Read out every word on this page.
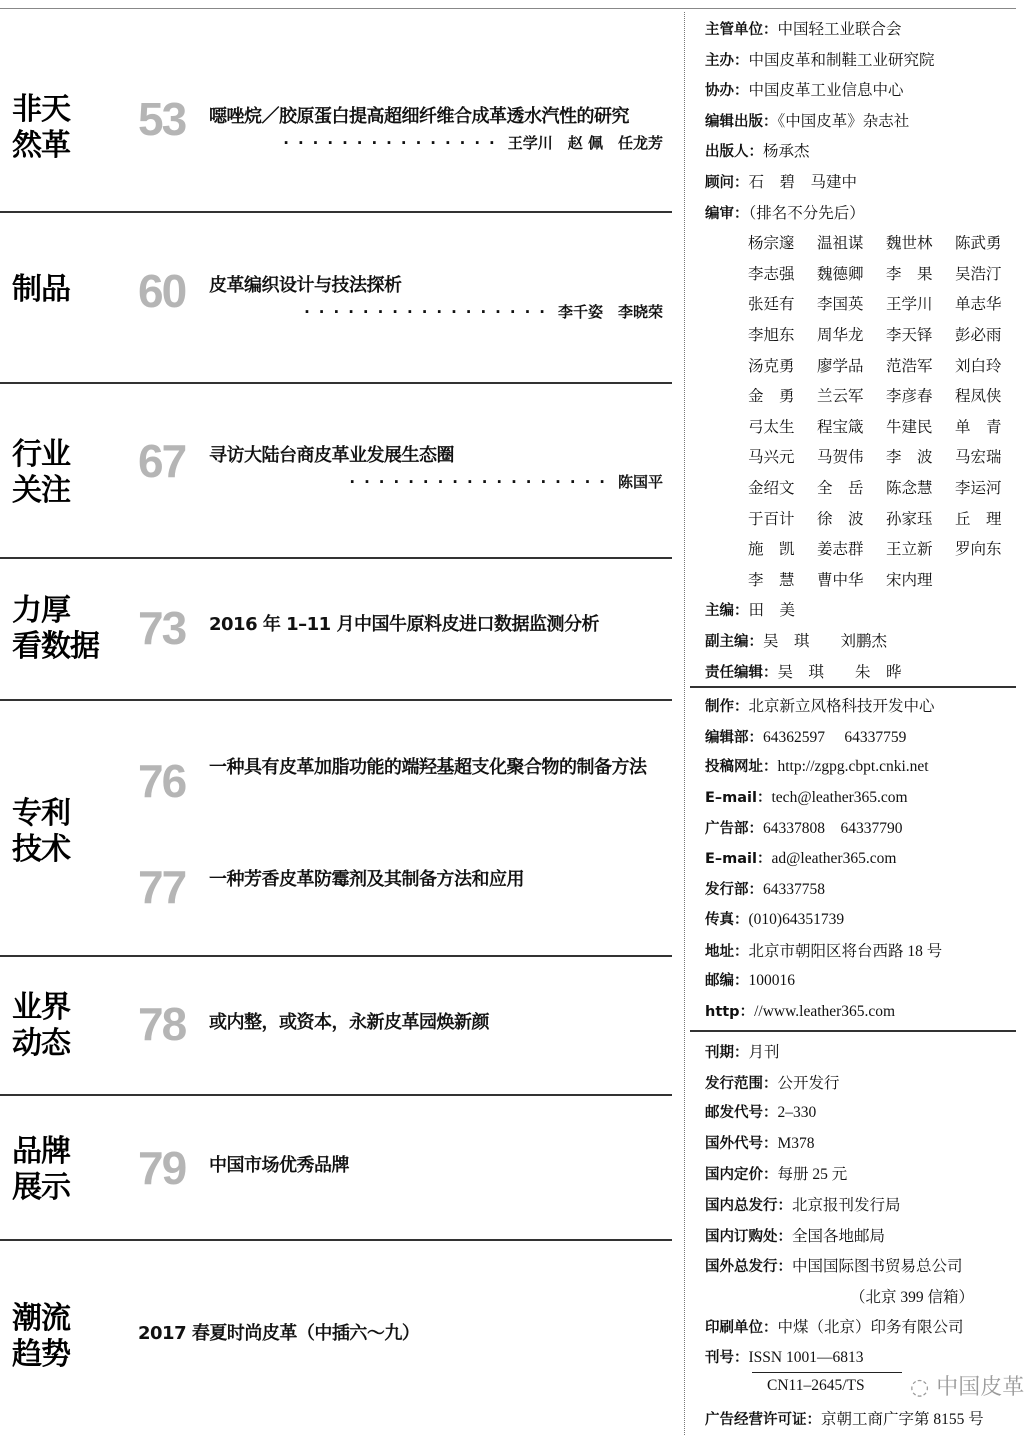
非天
然革
53 噁唑烷／胶原蛋白提高超细纤维合成革透水汽性的研究
··············· 王学川　赵 佩　任龙芳
制品 60 皮革编织设计与技法探析
················· 李千姿　李晓荣
行业
关注
67 寻访大陆台商皮革业发展生态圈
·················· 陈国平
力厚
看数据 73 2016 年 1–11 月中国牛原料皮进口数据监测分析
专利
技术
76 一种具有皮革加脂功能的端羟基超支化聚合物的制备方法
77 一种芳香皮革防霉剂及其制备方法和应用
业界
动态 78 或内整，或资本，永新皮革园焕新颜
品牌
展示 79 中国市场优秀品牌
潮流
趋势
2017 春夏时尚皮革（中插六～九）
主管单位：中国轻工业联合会
主办：中国皮革和制鞋工业研究院
协办：中国皮革工业信息中心
编辑出版：《中国皮革》杂志社
出版人：杨承杰
顾问：石　碧　马建中
编审：（排名不分先后）
杨宗邃 温祖谋 魏世林 陈武勇
李志强 魏德卿 李　果 吴浩汀
张廷有 李国英 王学川 单志华
李旭东 周华龙 李天铎 彭必雨
汤克勇 廖学品 范浩军 刘白玲
金　勇 兰云军 李彦春 程凤侠
弓太生 程宝箴 牛建民 单　青
马兴元 马贺伟 李　波 马宏瑞
金绍文 全　岳 陈念慧 李运河
于百计 徐　波 孙家珏 丘　理
施　凯 姜志群 王立新 罗向东
李　慧 曹中华 宋内理
主编：田　美
副主编：吴　琪　　刘鹏杰
责任编辑：吴　琪　　朱　晔
制作：北京新立风格科技开发中心
编辑部：64362597　 64337759
投稿网址：http://zgpg.cbpt.cnki.net
E–mail：tech@leather365.com
广告部：64337808　64337790
E–mail：ad@leather365.com
发行部：64337758
传真：(010)64351739
地址：北京市朝阳区将台西路 18 号
邮编：100016
http：//www.leather365.com
刊期：月刊
发行范围：公开发行
邮发代号：2–330
国外代号：M378
国内定价：每册 25 元
国内总发行：北京报刊发行局
国内订购处：全国各地邮局
国外总发行：中国国际图书贸易总公司
（北京 399 信箱）
印刷单位：中煤（北京）印务有限公司
刊号：ISSN 1001—6813
CN11–2645/TS
广告经营许可证：京朝工商广字第 8155 号
◌ 中国皮革
